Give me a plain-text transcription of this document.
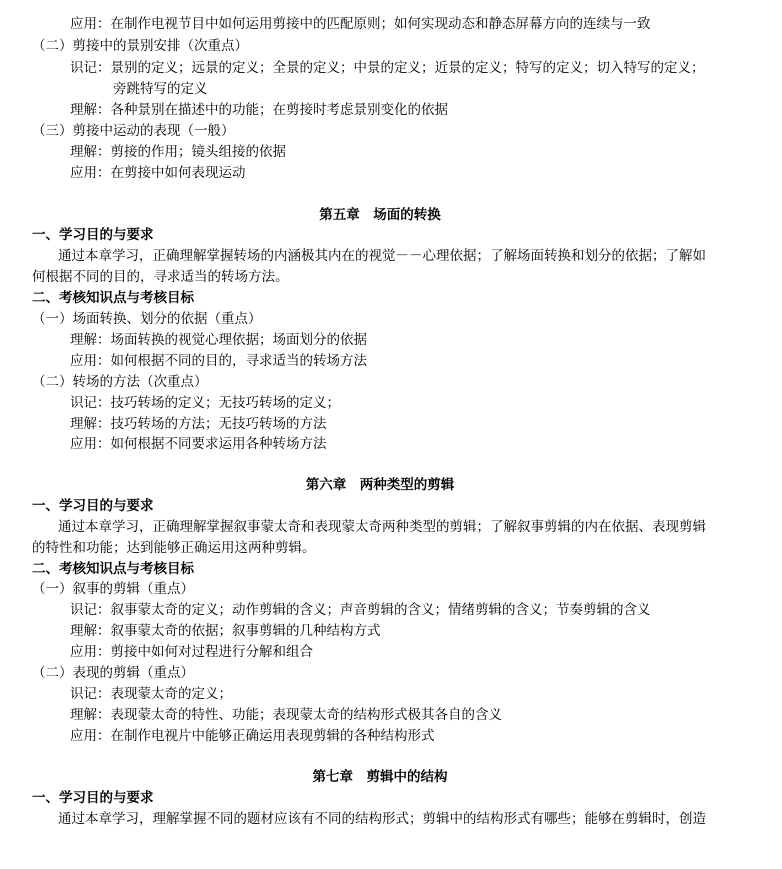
应用：在制作电视节目中如何运用剪接中的匹配原则；如何实现动态和静态屏幕方向的连续与一致
（二）剪接中的景别安排（次重点）
识记：景别的定义；远景的定义；全景的定义；中景的定义；近景的定义；特写的定义；切入特写的定义；
旁跳特写的定义
理解：各种景别在描述中的功能；在剪接时考虑景别变化的依据
（三）剪接中运动的表现（一般）
理解：剪接的作用；镜头组接的依据
应用：在剪接中如何表现运动
第五章　场面的转换
一、学习目的与要求
通过本章学习，正确理解掌握转场的内涵极其内在的视觉－－心理依据；了解场面转换和划分的依据；了解如
何根据不同的目的，寻求适当的转场方法。
二、考核知识点与考核目标
（一）场面转换、划分的依据（重点）
理解：场面转换的视觉心理依据；场面划分的依据
应用：如何根据不同的目的，寻求适当的转场方法
（二）转场的方法（次重点）
识记：技巧转场的定义；无技巧转场的定义；
理解：技巧转场的方法；无技巧转场的方法
应用：如何根据不同要求运用各种转场方法
第六章　两种类型的剪辑
一、学习目的与要求
通过本章学习，正确理解掌握叙事蒙太奇和表现蒙太奇两种类型的剪辑；了解叙事剪辑的内在依据、表现剪辑
的特性和功能；达到能够正确运用这两种剪辑。
二、考核知识点与考核目标
（一）叙事的剪辑（重点）
识记：叙事蒙太奇的定义；动作剪辑的含义；声音剪辑的含义；情绪剪辑的含义；节奏剪辑的含义
理解：叙事蒙太奇的依据；叙事剪辑的几种结构方式
应用：剪接中如何对过程进行分解和组合
（二）表现的剪辑（重点）
识记：表现蒙太奇的定义；
理解：表现蒙太奇的特性、功能；表现蒙太奇的结构形式极其各自的含义
应用：在制作电视片中能够正确运用表现剪辑的各种结构形式
第七章　剪辑中的结构
一、学习目的与要求
通过本章学习，理解掌握不同的题材应该有不同的结构形式；剪辑中的结构形式有哪些；能够在剪辑时，创造
